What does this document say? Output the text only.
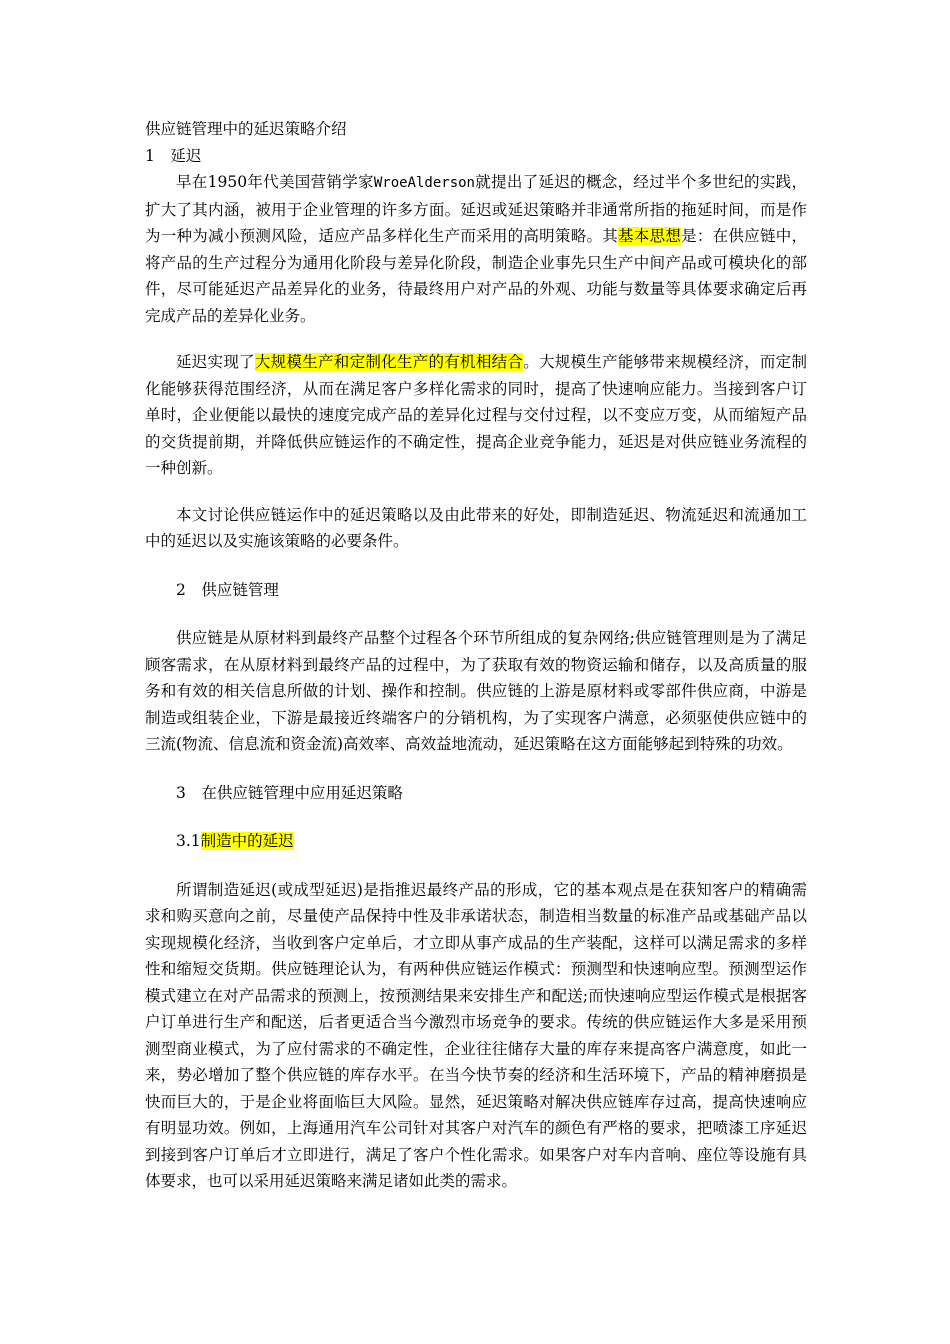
供应链管理中的延迟策略介绍
1　延迟

早在1950年代美国营销学家WroeAlderson就提出了延迟的概念，经过半个多世纪的实践，扩大了其内涵，被用于企业管理的许多方面。延迟或延迟策略并非通常所指的拖延时间，而是作为一种为减小预测风险，适应产品多样化生产而采用的高明策略。其基本思想是：在供应链中，将产品的生产过程分为通用化阶段与差异化阶段，制造企业事先只生产中间产品或可模块化的部件，尽可能延迟产品差异化的业务，待最终用户对产品的外观、功能与数量等具体要求确定后再完成产品的差异化业务。

延迟实现了大规模生产和定制化生产的有机相结合。大规模生产能够带来规模经济，而定制化能够获得范围经济，从而在满足客户多样化需求的同时，提高了快速响应能力。当接到客户订单时，企业便能以最快的速度完成产品的差异化过程与交付过程，以不变应万变，从而缩短产品的交货提前期，并降低供应链运作的不确定性，提高企业竞争能力，延迟是对供应链业务流程的一种创新。

本文讨论供应链运作中的延迟策略以及由此带来的好处，即制造延迟、物流延迟和流通加工中的延迟以及实施该策略的必要条件。

2　供应链管理

供应链是从原材料到最终产品整个过程各个环节所组成的复杂网络;供应链管理则是为了满足顾客需求，在从原材料到最终产品的过程中，为了获取有效的物资运输和储存，以及高质量的服务和有效的相关信息所做的计划、操作和控制。供应链的上游是原材料或零部件供应商，中游是制造或组装企业，下游是最接近终端客户的分销机构，为了实现客户满意，必须驱使供应链中的三流(物流、信息流和资金流)高效率、高效益地流动，延迟策略在这方面能够起到特殊的功效。

3　在供应链管理中应用延迟策略
3.1制造中的延迟

所谓制造延迟(或成型延迟)是指推迟最终产品的形成，它的基本观点是在获知客户的精确需求和购买意向之前，尽量使产品保持中性及非承诺状态，制造相当数量的标准产品或基础产品以实现规模化经济，当收到客户定单后，才立即从事产成品的生产装配，这样可以满足需求的多样性和缩短交货期。供应链理论认为，有两种供应链运作模式：预测型和快速响应型。预测型运作模式建立在对产品需求的预测上，按预测结果来安排生产和配送;而快速响应型运作模式是根据客户订单进行生产和配送，后者更适合当今激烈市场竞争的要求。传统的供应链运作大多是采用预测型商业模式，为了应付需求的不确定性，企业往往储存大量的库存来提高客户满意度，如此一来，势必增加了整个供应链的库存水平。在当今快节奏的经济和生活环境下，产品的精神磨损是快而巨大的，于是企业将面临巨大风险。显然，延迟策略对解决供应链库存过高，提高快速响应有明显功效。例如，上海通用汽车公司针对其客户对汽车的颜色有严格的要求，把喷漆工序延迟到接到客户订单后才立即进行，满足了客户个性化需求。如果客户对车内音响、座位等设施有具体要求，也可以采用延迟策略来满足诸如此类的需求。
